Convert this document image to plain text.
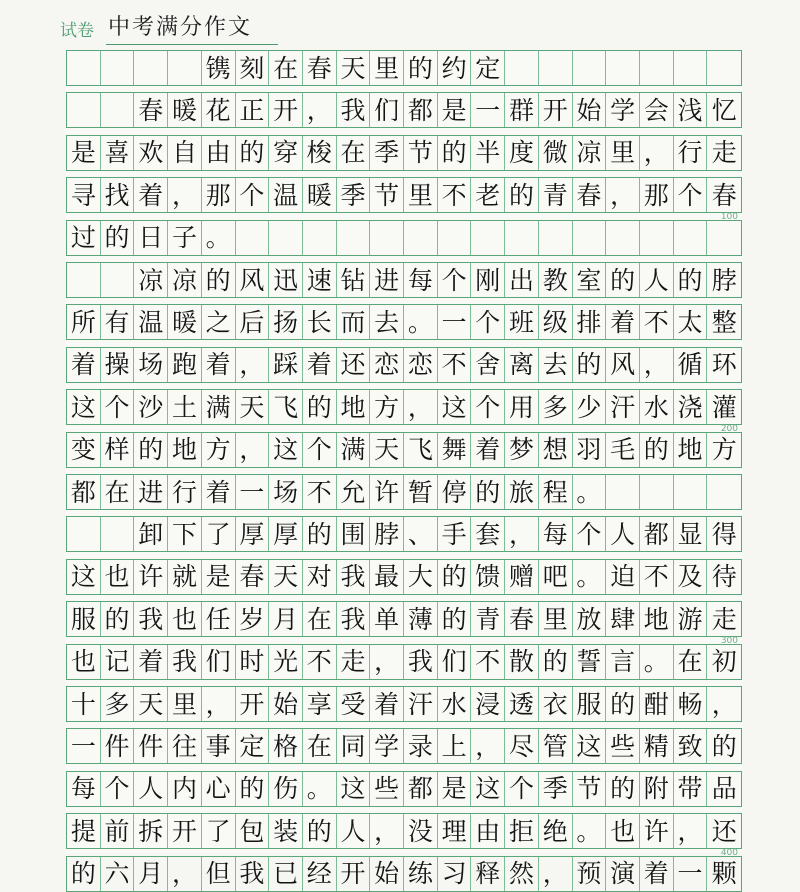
试卷 中考满分作文
镌 刻 在 春 天 里 的 约 定
春 暖 花 正 开 ， 我 们 都 是 一 群 开 始 学 会 浅 忆
是 喜 欢 自 由 的 穿 梭 在 季 节 的 半 度 微 凉 里 ， 行 走
寻 找 着 ， 那 个 温 暖 季 节 里 不 老 的 青 春 ， 那 个 春
过 的 日 子 。
凉 凉 的 风 迅 速 钻 进 每 个 刚 出 教 室 的 人 的 脖
所 有 温 暖 之 后 扬 长 而 去 。 一 个 班 级 排 着 不 太 整
着 操 场 跑 着 ， 踩 着 还 恋 恋 不 舍 离 去 的 风 ， 循 环
这 个 沙 土 满 天 飞 的 地 方 ， 这 个 用 多 少 汗 水 浇 灌
变 样 的 地 方 ， 这 个 满 天 飞 舞 着 梦 想 羽 毛 的 地 方
都 在 进 行 着 一 场 不 允 许 暂 停 的 旅 程 。
卸 下 了 厚 厚 的 围 脖 、 手 套 ， 每 个 人 都 显 得
这 也 许 就 是 春 天 对 我 最 大 的 馈 赠 吧 。 迫 不 及 待
服 的 我 也 任 岁 月 在 我 单 薄 的 青 春 里 放 肆 地 游 走
也 记 着 我 们 时 光 不 走 ， 我 们 不 散 的 誓 言 。 在 初
十 多 天 里 ， 开 始 享 受 着 汗 水 浸 透 衣 服 的 酣 畅 ，
一 件 件 往 事 定 格 在 同 学 录 上 ， 尽 管 这 些 精 致 的
每 个 人 内 心 的 伤 。 这 些 都 是 这 个 季 节 的 附 带 品
提 前 拆 开 了 包 装 的 人 ， 没 理 由 拒 绝 。 也 许 ， 还
的 六 月 ， 但 我 已 经 开 始 练 习 释 然 ， 预 演 着 一 颗
100
200
300
400
